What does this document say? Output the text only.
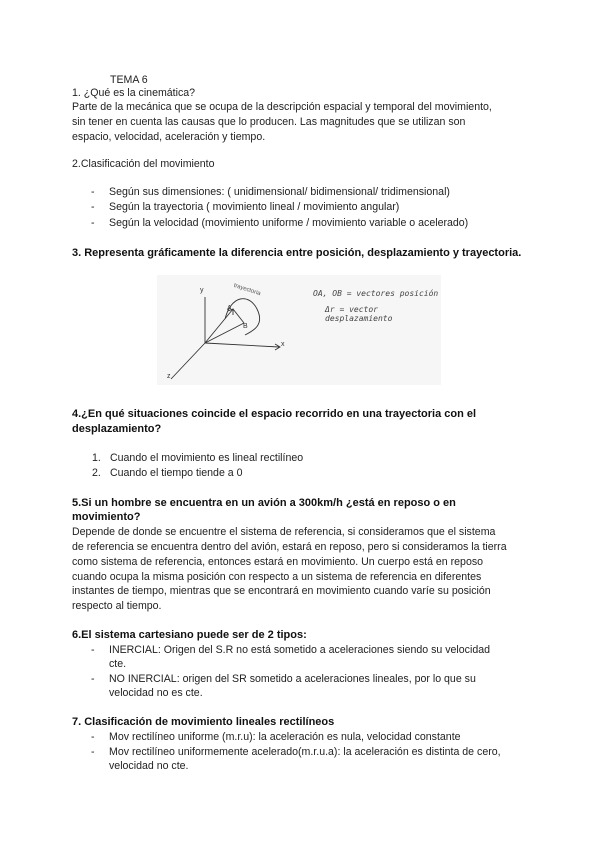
TEMA 6
1. ¿Qué es la cinemática?
Parte de la mecánica que se ocupa de la descripción espacial y temporal del movimiento,
sin tener en cuenta las causas que lo producen. Las magnitudes que se utilizan son
espacio, velocidad, aceleración y tiempo.
2.Clasificación del movimiento
- Según sus dimensiones: ( unidimensional/ bidimensional/ tridimensional)
- Según la trayectoria ( movimiento lineal / movimiento angular)
- Según la velocidad (movimiento uniforme / movimiento variable o acelerado)
3. Representa gráficamente la diferencia entre posición, desplazamiento y trayectoria.
trayectoria
A
B
x
y
z
OA, OB = vectores posición
Δr = vector desplazamiento
4.¿En qué situaciones coincide el espacio recorrido en una trayectoria con el
desplazamiento?
1. Cuando el movimiento es lineal rectilíneo
2. Cuando el tiempo tiende a 0
5.Si un hombre se encuentra en un avión a 300km/h ¿está en reposo o en
movimiento?
Depende de donde se encuentre el sistema de referencia, si consideramos que el sistema
de referencia se encuentra dentro del avión, estará en reposo, pero si consideramos la tierra
como sistema de referencia, entonces estará en movimiento. Un cuerpo está en reposo
cuando ocupa la misma posición con respecto a un sistema de referencia en diferentes
instantes de tiempo, mientras que se encontrará en movimiento cuando varíe su posición
respecto al tiempo.
6.El sistema cartesiano puede ser de 2 tipos:
- INERCIAL: Origen del S.R no está sometido a aceleraciones siendo su velocidad
cte.
- NO INERCIAL: origen del SR sometido a aceleraciones lineales, por lo que su
velocidad no es cte.
7. Clasificación de movimiento lineales rectilíneos
- Mov rectilíneo uniforme (m.r.u): la aceleración es nula, velocidad constante
- Mov rectilíneo uniformemente acelerado(m.r.u.a): la aceleración es distinta de cero,
velocidad no cte.
